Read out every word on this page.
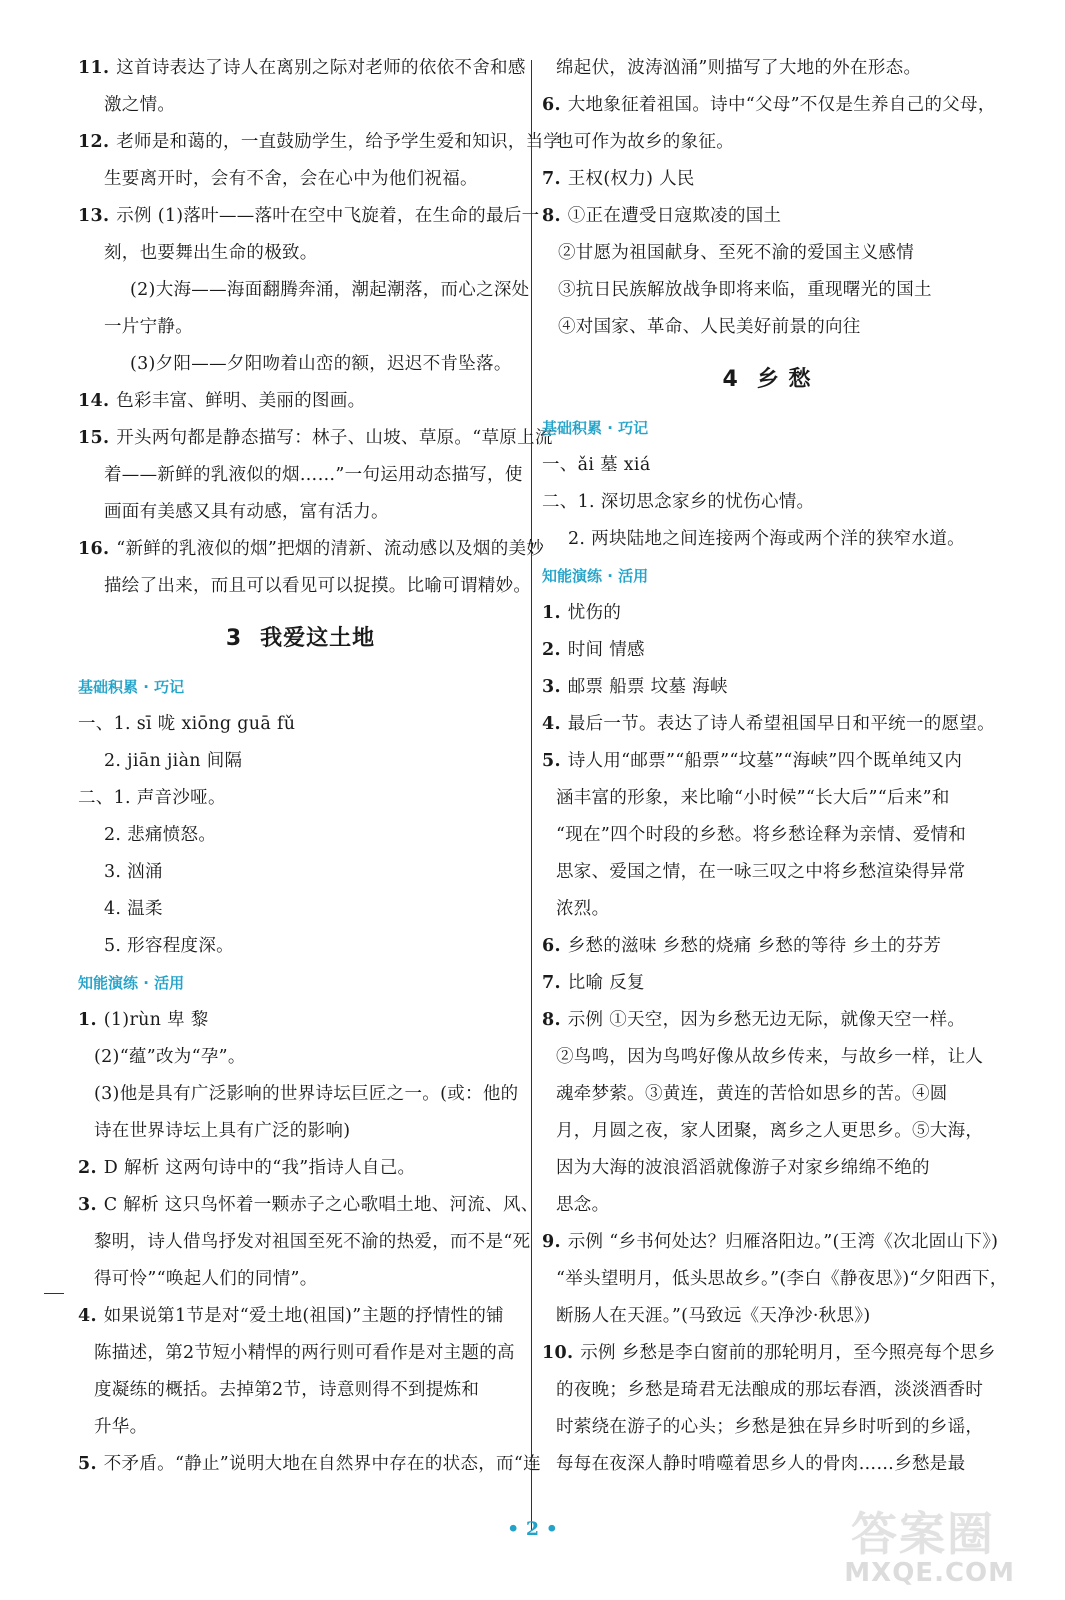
11. 这首诗表达了诗人在离别之际对老师的依依不舍和感
激之情。
12. 老师是和蔼的，一直鼓励学生，给予学生爱和知识，当学
生要离开时，会有不舍，会在心中为他们祝福。
13. 示例 (1)落叶——落叶在空中飞旋着，在生命的最后一
刻，也要舞出生命的极致。
(2)大海——海面翻腾奔涌，潮起潮落，而心之深处
一片宁静。
(3)夕阳——夕阳吻着山峦的额，迟迟不肯坠落。
14. 色彩丰富、鲜明、美丽的图画。
15. 开头两句都是静态描写：林子、山坡、草原。“草原上流
着——新鲜的乳液似的烟……”一句运用动态描写，使
画面有美感又具有动感，富有活力。
16. “新鲜的乳液似的烟”把烟的清新、流动感以及烟的美妙
描绘了出来，而且可以看见可以捉摸。比喻可谓精妙。
3 我爱这土地
基础积累 · 巧记
一、1. sī 咙 xiōng guā fǔ
2. jiān jiàn 间隔
二、1. 声音沙哑。
2. 悲痛愤怒。
3. 汹涌
4. 温柔
5. 形容程度深。
知能演练 · 活用
1. (1)rùn 卑 黎
(2)“蕴”改为“孕”。
(3)他是具有广泛影响的世界诗坛巨匠之一。(或：他的
诗在世界诗坛上具有广泛的影响)
2. D 解析 这两句诗中的“我”指诗人自己。
3. C 解析 这只鸟怀着一颗赤子之心歌唱土地、河流、风、
黎明，诗人借鸟抒发对祖国至死不渝的热爱，而不是“死
得可怜”“唤起人们的同情”。
4. 如果说第1节是对“爱土地(祖国)”主题的抒情性的铺
陈描述，第2节短小精悍的两行则可看作是对主题的高
度凝练的概括。去掉第2节，诗意则得不到提炼和
升华。
5. 不矛盾。“静止”说明大地在自然界中存在的状态，而“连
绵起伏，波涛汹涌”则描写了大地的外在形态。
6. 大地象征着祖国。诗中“父母”不仅是生养自己的父母，
也可作为故乡的象征。
7. 王权(权力) 人民
8. ①正在遭受日寇欺凌的国土
②甘愿为祖国献身、至死不渝的爱国主义感情
③抗日民族解放战争即将来临，重现曙光的国土
④对国家、革命、人民美好前景的向往
4 乡 愁
基础积累 · 巧记
一、ǎi 墓 xiá
二、1. 深切思念家乡的忧伤心情。
2. 两块陆地之间连接两个海或两个洋的狭窄水道。
知能演练 · 活用
1. 忧伤的
2. 时间 情感
3. 邮票 船票 坟墓 海峡
4. 最后一节。表达了诗人希望祖国早日和平统一的愿望。
5. 诗人用“邮票”“船票”“坟墓”“海峡”四个既单纯又内
涵丰富的形象，来比喻“小时候”“长大后”“后来”和
“现在”四个时段的乡愁。将乡愁诠释为亲情、爱情和
思家、爱国之情，在一咏三叹之中将乡愁渲染得异常
浓烈。
6. 乡愁的滋味 乡愁的烧痛 乡愁的等待 乡土的芬芳
7. 比喻 反复
8. 示例 ①天空，因为乡愁无边无际，就像天空一样。
②鸟鸣，因为鸟鸣好像从故乡传来，与故乡一样，让人
魂牵梦萦。③黄连，黄连的苦恰如思乡的苦。④圆
月，月圆之夜，家人团聚，离乡之人更思乡。⑤大海，
因为大海的波浪滔滔就像游子对家乡绵绵不绝的
思念。
9. 示例 “乡书何处达？归雁洛阳边。”(王湾《次北固山下》)
“举头望明月，低头思故乡。”(李白《静夜思》)“夕阳西下，
断肠人在天涯。”(马致远《天净沙·秋思》)
10. 示例 乡愁是李白窗前的那轮明月，至今照亮每个思乡
的夜晚；乡愁是琦君无法酿成的那坛春酒，淡淡酒香时
时萦绕在游子的心头；乡愁是独在异乡时听到的乡谣，
每每在夜深人静时啃噬着思乡人的骨肉……乡愁是最
• 2 •	答案圈
MXQE.COM
